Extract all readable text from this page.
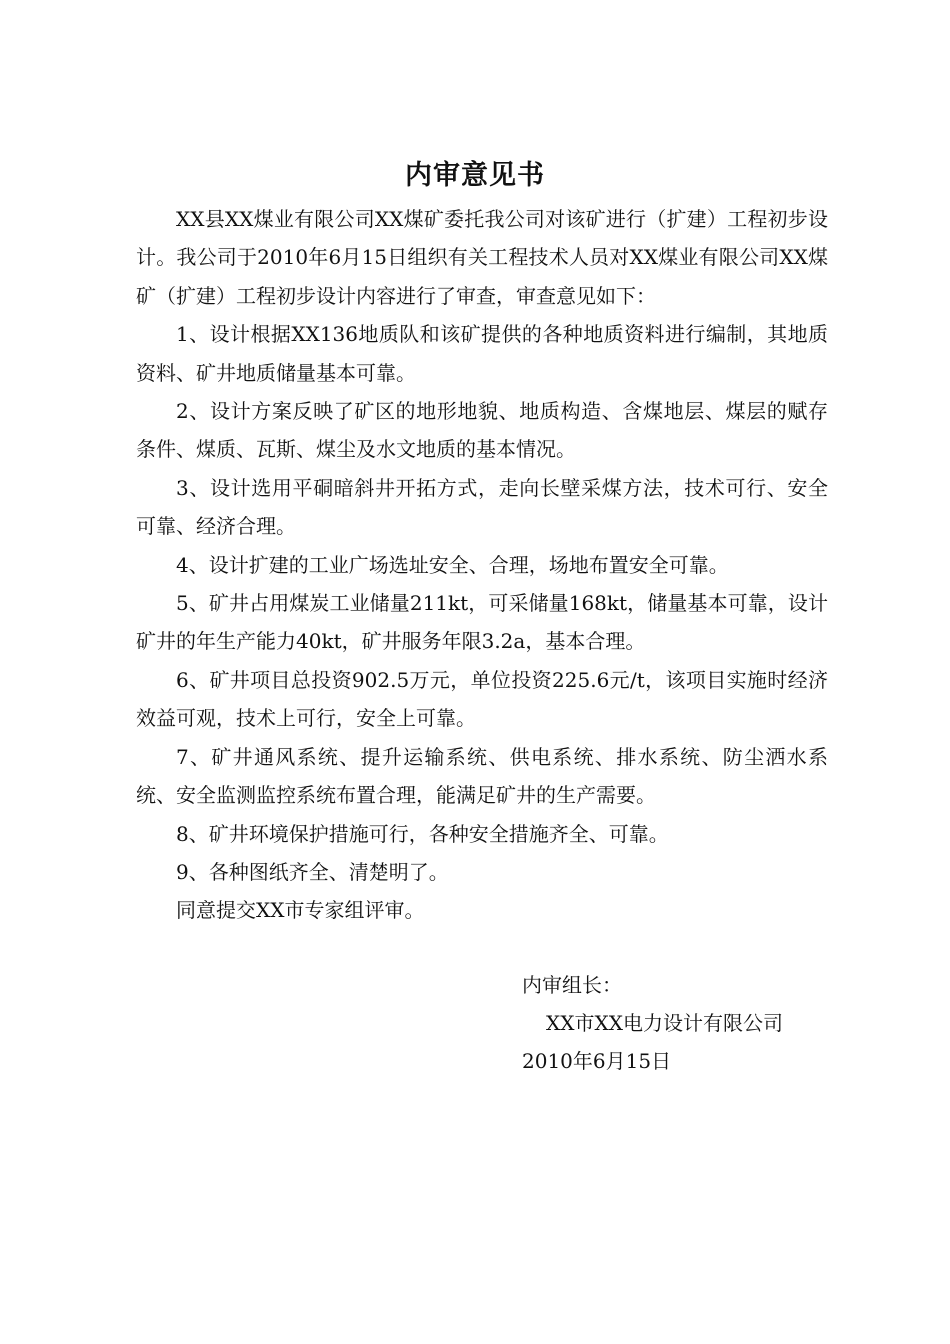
内审意见书

XX县XX煤业有限公司XX煤矿委托我公司对该矿进行（扩建）工程初步设计。我公司于2010年6月15日组织有关工程技术人员对XX煤业有限公司XX煤矿（扩建）工程初步设计内容进行了审查，审查意见如下：

1、设计根据XX136地质队和该矿提供的各种地质资料进行编制，其地质资料、矿井地质储量基本可靠。

2、设计方案反映了矿区的地形地貌、地质构造、含煤地层、煤层的赋存条件、煤质、瓦斯、煤尘及水文地质的基本情况。

3、设计选用平硐暗斜井开拓方式，走向长壁采煤方法，技术可行、安全可靠、经济合理。

4、设计扩建的工业广场选址安全、合理，场地布置安全可靠。

5、矿井占用煤炭工业储量211kt，可采储量168kt，储量基本可靠，设计矿井的年生产能力40kt，矿井服务年限3.2a，基本合理。

6、矿井项目总投资902.5万元，单位投资225.6元/t，该项目实施时经济效益可观，技术上可行，安全上可靠。

7、矿井通风系统、提升运输系统、供电系统、排水系统、防尘洒水系统、安全监测监控系统布置合理，能满足矿井的生产需要。

8、矿井环境保护措施可行，各种安全措施齐全、可靠。

9、各种图纸齐全、清楚明了。

同意提交XX市专家组评审。

内审组长：
XX市XX电力设计有限公司
2010年6月15日
